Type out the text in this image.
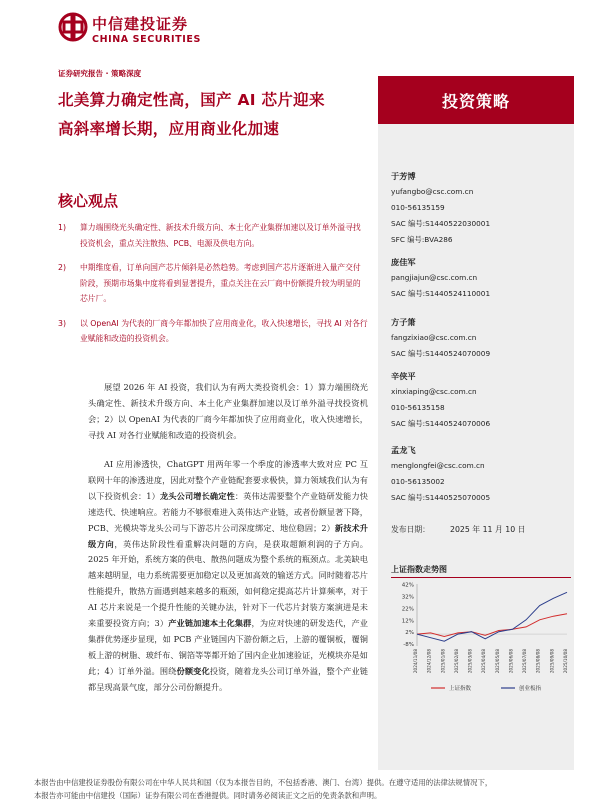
中信建投证券
CHINA SECURITIES
证券研究报告 · 策略深度
北美算力确定性高，国产 AI 芯片迎来
高斜率增长期，应用商业化加速
投资策略
核心观点
1)	算力端围绕光头确定性、新技术升级方向、本土化产业集群加速以及订单外溢寻找投资机会，重点关注散热、PCB、电源及供电方向。
2)	中期维度看，订单向国产芯片倾斜是必然趋势。考虑到国产芯片逐渐进入量产交付阶段，预期市场集中度将看到显著提升，重点关注在云厂商中份额提升较为明显的芯片厂。
3)	以 OpenAI 为代表的厂商今年都加快了应用商业化，收入快速增长，寻找 AI 对各行业赋能和改造的投资机会。
展望 2026 年 AI 投资，我们认为有两大类投资机会：1）算力端围绕光头确定性、新技术升级方向、本土化产业集群加速以及订单外溢寻找投资机会；2）以 OpenAI 为代表的厂商今年都加快了应用商业化，收入快速增长，寻找 AI 对各行业赋能和改造的投资机会。
AI 应用渗透快，ChatGPT 用两年零一个季度的渗透率大致对应 PC 互联网十年的渗透进度，因此对整个产业链配套要求极快，算力领域我们认为有以下投资机会：1）龙头公司增长确定性：英伟达需要整个产业链研发能力快速迭代、快速响应。若能力不够很难进入英伟达产业链，或者份额显著下降，PCB、光模块等龙头公司与下游芯片公司深度绑定、地位稳固；2）新技术升级方向，英伟达阶段性看重解决问题的方向，是获取超额利润的子方向。2025 年开始，系统方案的供电、散热问题成为整个系统的瓶颈点。北美缺电越来越明显，电力系统需要更加稳定以及更加高效的输送方式。同时随着芯片性能提升，散热方面遇到越来越多的瓶颈，如何稳定提高芯片计算频率，对于 AI 芯片来说是一个提升性能的关键办法，针对下一代芯片封装方案演进是未来重要投资方向；3）产业链加速本土化集群，为应对快速的研发迭代，产业集群优势逐步显现，如 PCB 产业链国内下游份额之后，上游的覆铜板，覆铜板上游的树脂、玻纤布、铜箔等等都开始了国内企业加速验证，光模块亦是如此；4）订单外溢。围绕份额变化投资，随着龙头公司订单外溢，整个产业链都呈现高景气度，部分公司份额提升。
于芳博
yufangbo@csc.com.cn
010-56135159
SAC 编号:S1440522030001
SFC 编号:BVA286
庞佳军
pangjiajun@csc.com.cn
SAC 编号:S1440524110001
方子箫
fangzixiao@csc.com.cn
SAC 编号:S1440524070009
辛侠平
xinxiaping@csc.com.cn
010-56135158
SAC 编号:S1440524070006
孟龙飞
menglongfei@csc.com.cn
010-56135002
SAC 编号:S1440525070005
发布日期：	2025 年 11 月 10 日
上证指数走势图
42%
32%
22%
12%
2%
-8%
2024/11/08 2024/12/08 2025/01/08 2025/02/08 2025/03/08 2025/04/08 2025/05/08 2025/06/08 2025/07/08 2025/08/08 2025/09/08 2025/10/08
上证指数	创业板指
本报告由中信建投证券股份有限公司在中华人民共和国（仅为本报告目的，不包括香港、澳门、台湾）提供。在遵守适用的法律法规情况下，
本报告亦可能由中信建投（国际）证券有限公司在香港提供。同时请务必阅读正文之后的免责条款和声明。
